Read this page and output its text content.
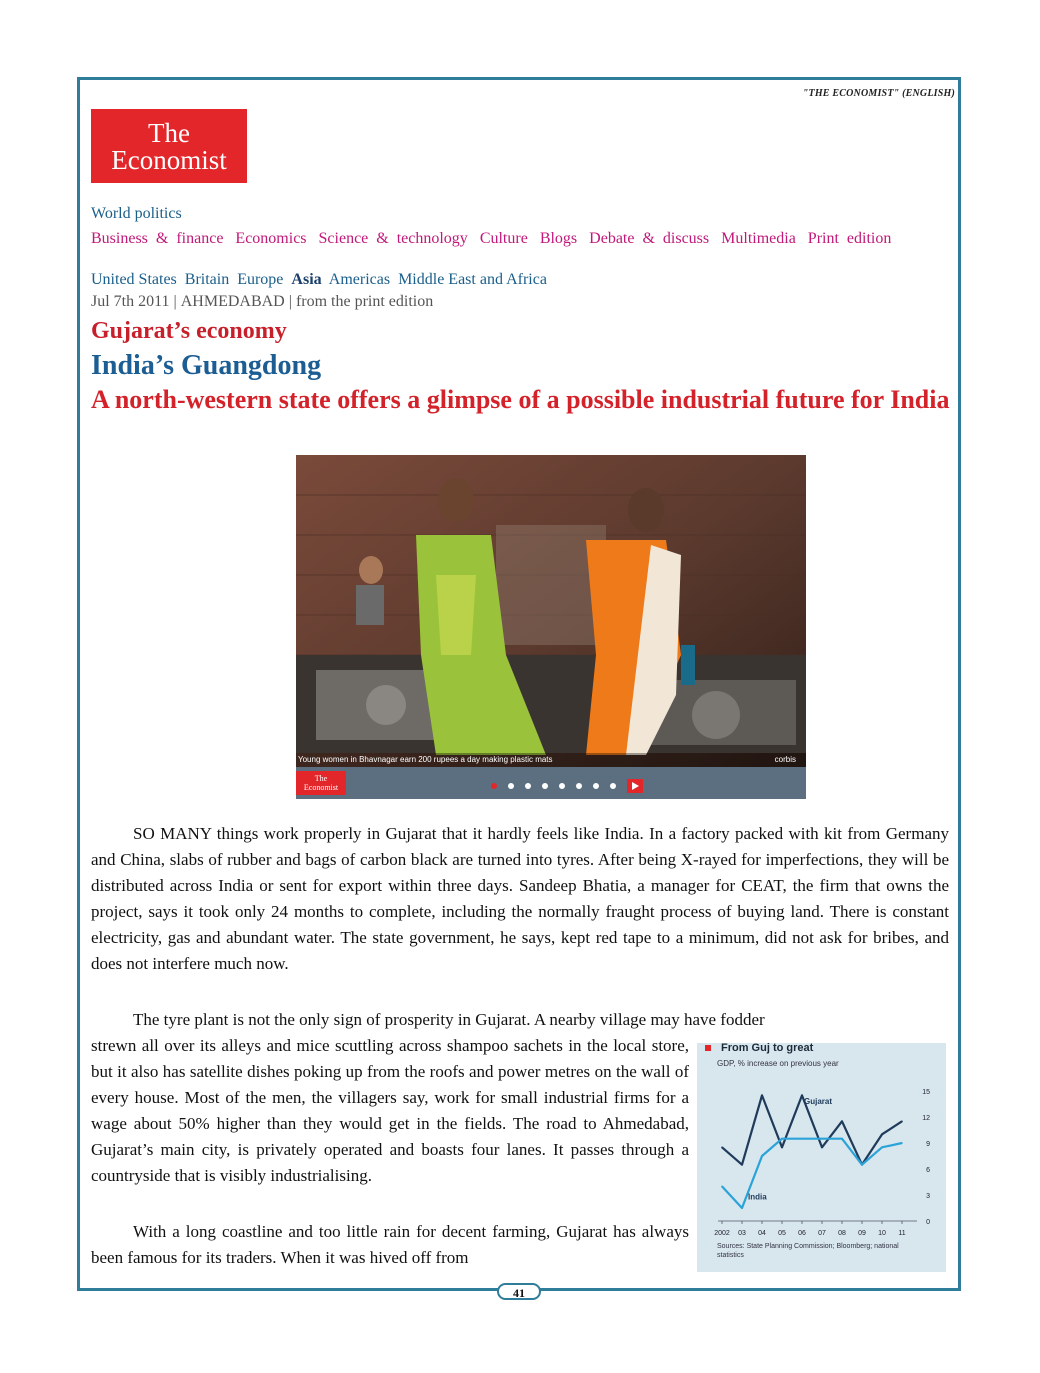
"THE ECONOMIST" (ENGLISH)
The
Economist
World politics
Business & finance Economics Science & technology Culture Blogs Debate & discuss Multimedia Print edition
United States Britain Europe Asia Americas Middle East and Africa
Jul 7th 2011 | AHMEDABAD | from the print edition
Gujarat’s economy
India’s Guangdong
A north-western state offers a glimpse of a possible industrial future for India
Young women in Bhavnagar earn 200 rupees a day making plastic mats	corbis
The
Economist

SO MANY things work properly in Gujarat that it hardly feels like India. In a factory packed with kit from Germany and China, slabs of rubber and bags of carbon black are turned into tyres. After being X-rayed for imperfections, they will be distributed across India or sent for export within three days. Sandeep Bhatia, a manager for CEAT, the firm that owns the project, says it took only 24 months to complete, including the normally fraught process of buying land. There is constant electricity, gas and abundant water. The state government, he says, kept red tape to a minimum, did not ask for bribes, and does not interfere much now.

The tyre plant is not the only sign of prosperity in Gujarat. A nearby village may have fodder

strewn all over its alleys and mice scuttling across shampoo sachets in the local store, but it also has satellite dishes poking up from the roofs and power metres on the wall of every house. Most of the men, the villagers say, work for small industrial firms for a wage about 50% higher than they would get in the fields. The road to Ahmedabad, Gujarat’s main city, is privately operated and boasts four lanes. It passes through a countryside that is visibly industrialising.

With a long coastline and too little rain for decent farming, Gujarat has always been famous for its traders. When it was hived off from

From Guj to great
GDP, % increase on previous year
0
3
6
9
12
15
2002 03 04 05 06 07 08 09 10 11
Gujarat
India
Sources: State Planning Commission; Bloomberg; national statistics
41
